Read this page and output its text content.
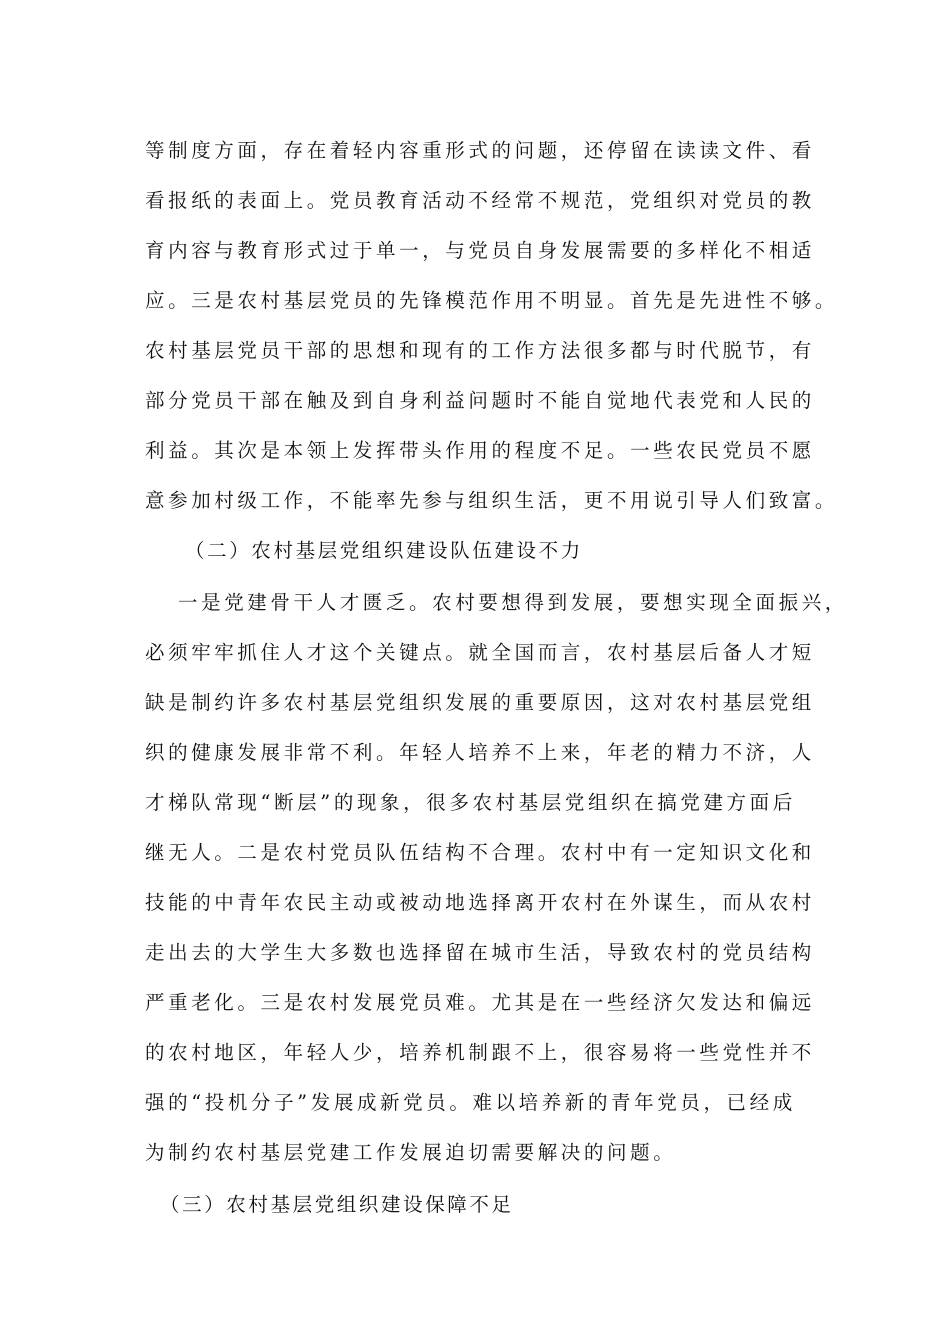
等制度方面，存在着轻内容重形式的问题，还停留在读读文件、看
看报纸的表面上。党员教育活动不经常不规范，党组织对党员的教
育内容与教育形式过于单一，与党员自身发展需要的多样化不相适
应。三是农村基层党员的先锋模范作用不明显。首先是先进性不够。
农村基层党员干部的思想和现有的工作方法很多都与时代脱节，有
部分党员干部在触及到自身利益问题时不能自觉地代表党和人民的
利益。其次是本领上发挥带头作用的程度不足。一些农民党员不愿
意参加村级工作，不能率先参与组织生活，更不用说引导人们致富。
（二）农村基层党组织建设队伍建设不力
一是党建骨干人才匮乏。农村要想得到发展，要想实现全面振兴，
必须牢牢抓住人才这个关键点。就全国而言，农村基层后备人才短
缺是制约许多农村基层党组织发展的重要原因，这对农村基层党组
织的健康发展非常不利。年轻人培养不上来，年老的精力不济，人
才梯队常现“断层”的现象，很多农村基层党组织在搞党建方面后
继无人。二是农村党员队伍结构不合理。农村中有一定知识文化和
技能的中青年农民主动或被动地选择离开农村在外谋生，而从农村
走出去的大学生大多数也选择留在城市生活，导致农村的党员结构
严重老化。三是农村发展党员难。尤其是在一些经济欠发达和偏远
的农村地区，年轻人少，培养机制跟不上，很容易将一些党性并不
强的“投机分子”发展成新党员。难以培养新的青年党员，已经成
为制约农村基层党建工作发展迫切需要解决的问题。
（三）农村基层党组织建设保障不足
